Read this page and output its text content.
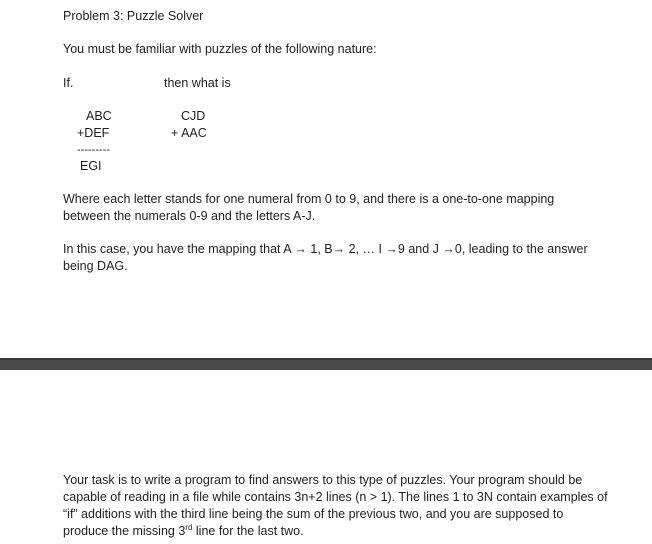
Problem 3: Puzzle Solver
You must be familiar with puzzles of the following nature:
If.	then what is
ABC
+DEF
---------
EGI
CJD
+ AAC
Where each letter stands for one numeral from 0 to 9, and there is a one-to-one mapping between the numerals 0-9 and the letters A-J.
In this case, you have the mapping that A → 1, B→ 2, … I →9 and J →0, leading to the answer being DAG.
Your task is to write a program to find answers to this type of puzzles. Your program should be capable of reading in a file while contains 3n+2 lines (n > 1). The lines 1 to 3N contain examples of “if” additions with the third line being the sum of the previous two, and you are supposed to produce the missing 3rd line for the last two.
